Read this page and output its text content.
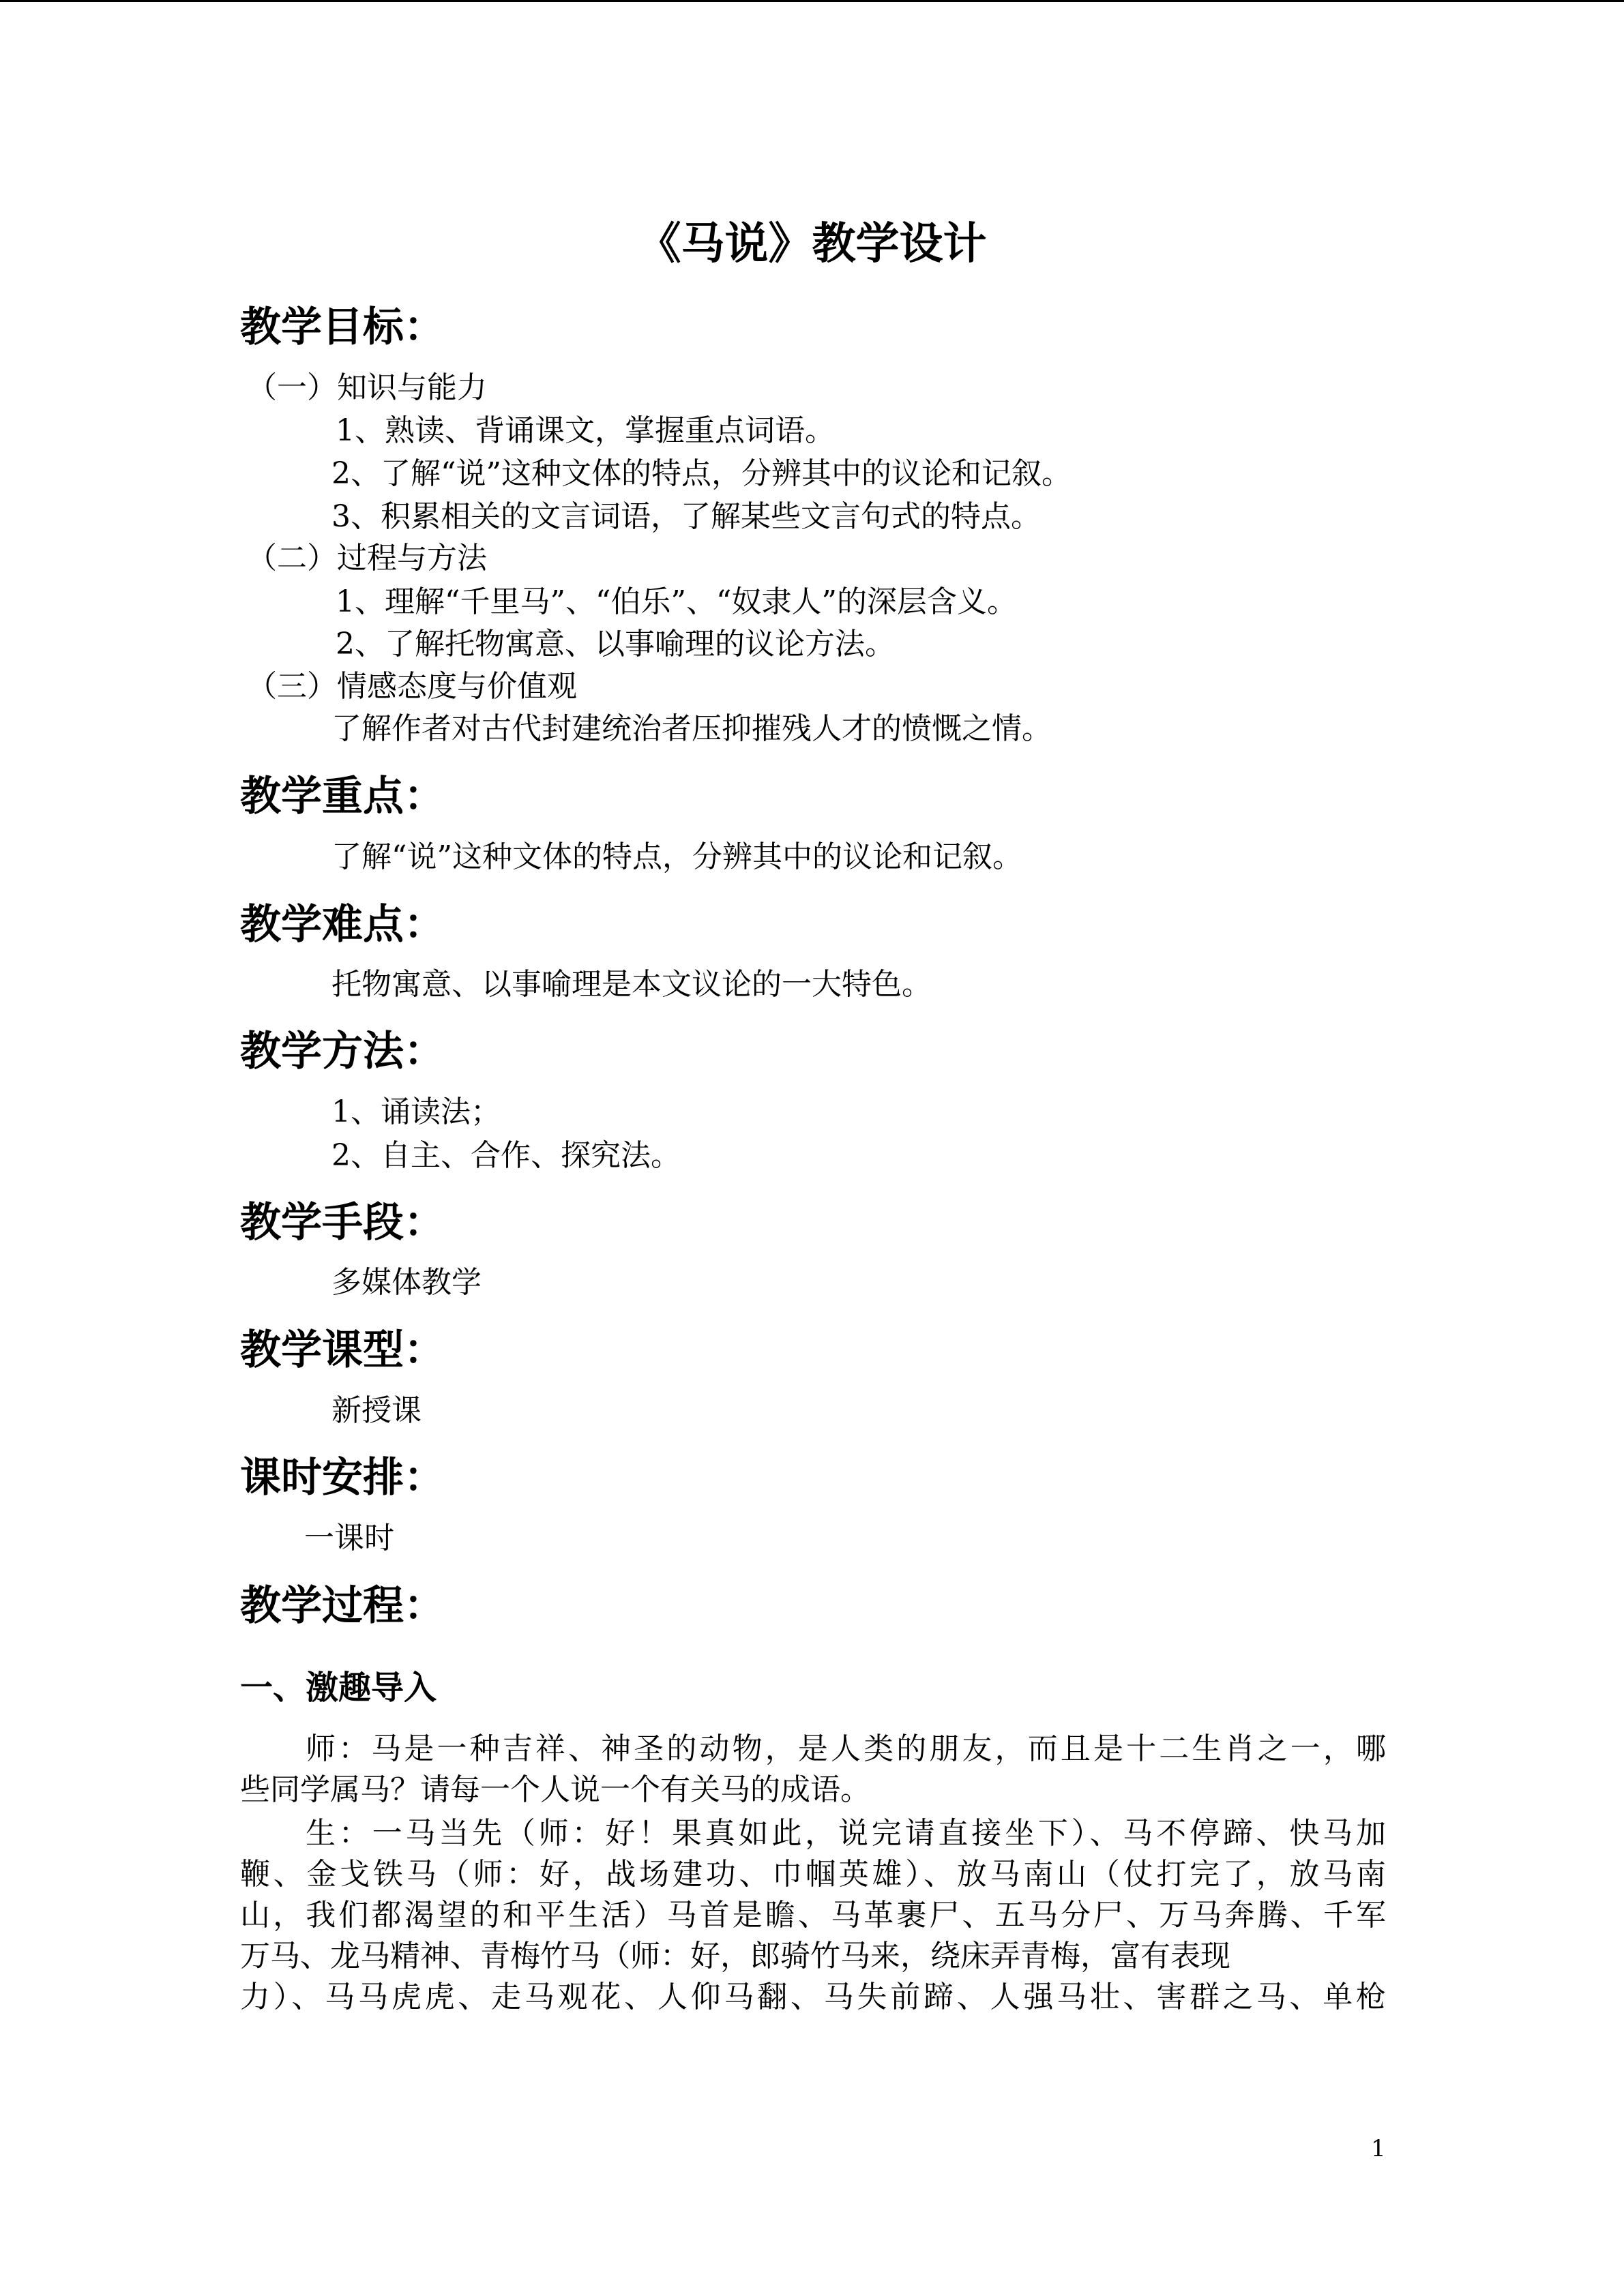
《马说》教学设计
教学目标：
（一）知识与能力
1、熟读、背诵课文，掌握重点词语。
2、了解“说”这种文体的特点，分辨其中的议论和记叙。
3、积累相关的文言词语，了解某些文言句式的特点。
（二）过程与方法
1、理解“千里马”、“伯乐”、“奴隶人”的深层含义。
2、了解托物寓意、以事喻理的议论方法。
（三）情感态度与价值观
了解作者对古代封建统治者压抑摧残人才的愤慨之情。
教学重点：
了解“说”这种文体的特点，分辨其中的议论和记叙。
教学难点：
托物寓意、以事喻理是本文议论的一大特色。
教学方法：
1、诵读法；
2、自主、合作、探究法。
教学手段：
多媒体教学
教学课型：
新授课
课时安排：
一课时
教学过程：
一、激趣导入
师：马是一种吉祥、神圣的动物，是人类的朋友，而且是十二生肖之一，哪
些同学属马？请每一个人说一个有关马的成语。
生：一马当先（师：好！果真如此，说完请直接坐下）、马不停蹄、快马加
鞭、金戈铁马（师：好，战场建功、巾帼英雄）、放马南山（仗打完了，放马南
山，我们都渴望的和平生活）马首是瞻、马革裹尸、五马分尸、万马奔腾、千军
万马、龙马精神、青梅竹马（师：好，郎骑竹马来，绕床弄青梅，富有表现
力）、马马虎虎、走马观花、人仰马翻、马失前蹄、人强马壮、害群之马、单枪
1
